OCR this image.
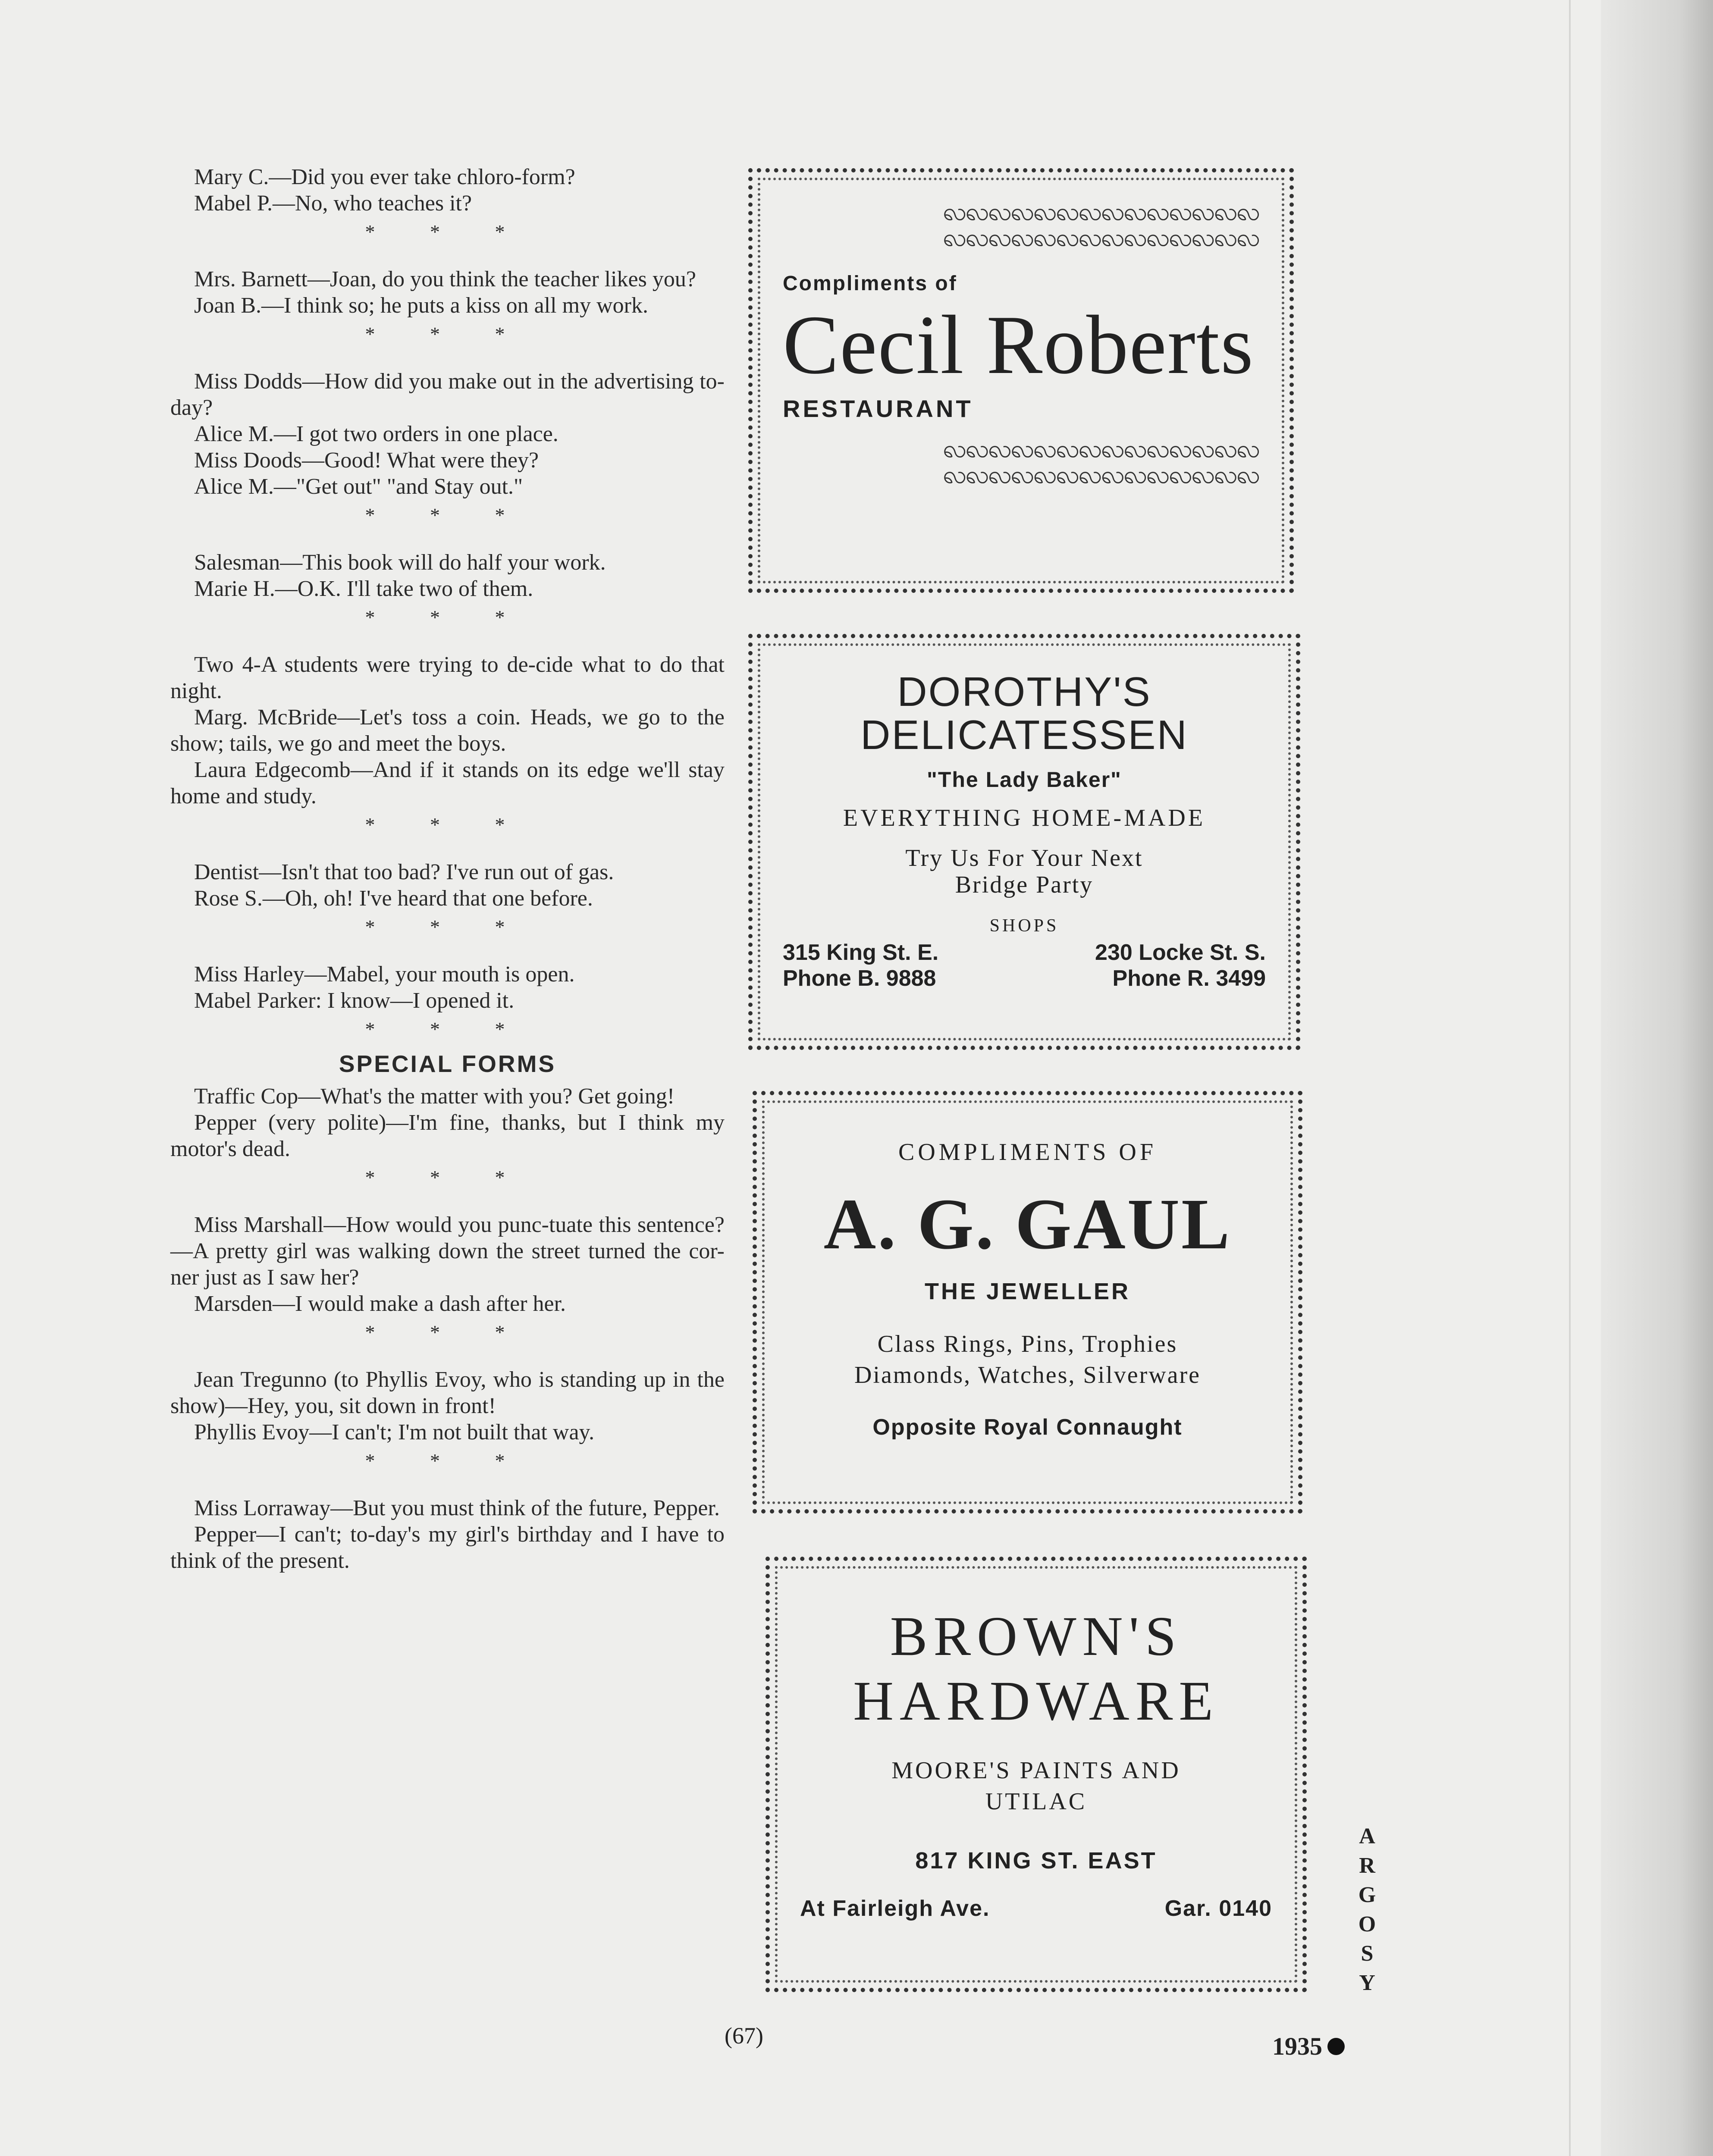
Mary C.—Did you ever take chloro-form?

Mabel P.—No, who teaches it?

* * *

Mrs. Barnett—Joan, do you think the teacher likes you?

Joan B.—I think so; he puts a kiss on all my work.

* * *

Miss Dodds—How did you make out in the advertising to-day?

Alice M.—I got two orders in one place.

Miss Doods—Good! What were they?

Alice M.—"Get out" "and Stay out."

* * *

Salesman—This book will do half your work.

Marie H.—O.K. I'll take two of them.

* * *

Two 4-A students were trying to de-cide what to do that night.

Marg. McBride—Let's toss a coin. Heads, we go to the show; tails, we go and meet the boys.

Laura Edgecomb—And if it stands on its edge we'll stay home and study.

* * *

Dentist—Isn't that too bad? I've run out of gas.

Rose S.—Oh, oh! I've heard that one before.

* * *

Miss Harley—Mabel, your mouth is open.

Mabel Parker: I know—I opened it.

* * *
SPECIAL FORMS

Traffic Cop—What's the matter with you? Get going!

Pepper (very polite)—I'm fine, thanks, but I think my motor's dead.

* * *

Miss Marshall—How would you punc-tuate this sentence?—A pretty girl was walking down the street turned the cor-ner just as I saw her?

Marsden—I would make a dash after her.

* * *

Jean Tregunno (to Phyllis Evoy, who is standing up in the show)—Hey, you, sit down in front!

Phyllis Evoy—I can't; I'm not built that way.

* * *

Miss Lorraway—But you must think of the future, Pepper.

Pepper—I can't; to-day's my girl's birthday and I have to think of the present.

ꩮꩮꩮꩮꩮꩮꩮꩮꩮꩮꩮꩮꩮꩮ
ꩮꩮꩮꩮꩮꩮꩮꩮꩮꩮꩮꩮꩮꩮ
Compliments of
Cecil Roberts
RESTAURANT
ꩮꩮꩮꩮꩮꩮꩮꩮꩮꩮꩮꩮꩮꩮ
ꩮꩮꩮꩮꩮꩮꩮꩮꩮꩮꩮꩮꩮꩮ
DOROTHY'S
DELICATESSEN
"The Lady Baker"
EVERYTHING HOME-MADE
Try Us For Your Next
Bridge Party
SHOPS
315 King St. E.
Phone B. 9888
230 Locke St. S.
Phone R. 3499
COMPLIMENTS OF
A. G. GAUL
THE JEWELLER
Class Rings, Pins, Trophies
Diamonds, Watches, Silverware
Opposite Royal Connaught
BROWN'S
HARDWARE
MOORE'S PAINTS AND
UTILAC
817 KING ST. EAST
At Fairleigh Ave.	Gar. 0140
A
R
G
O
S
Y
(67)	1935
